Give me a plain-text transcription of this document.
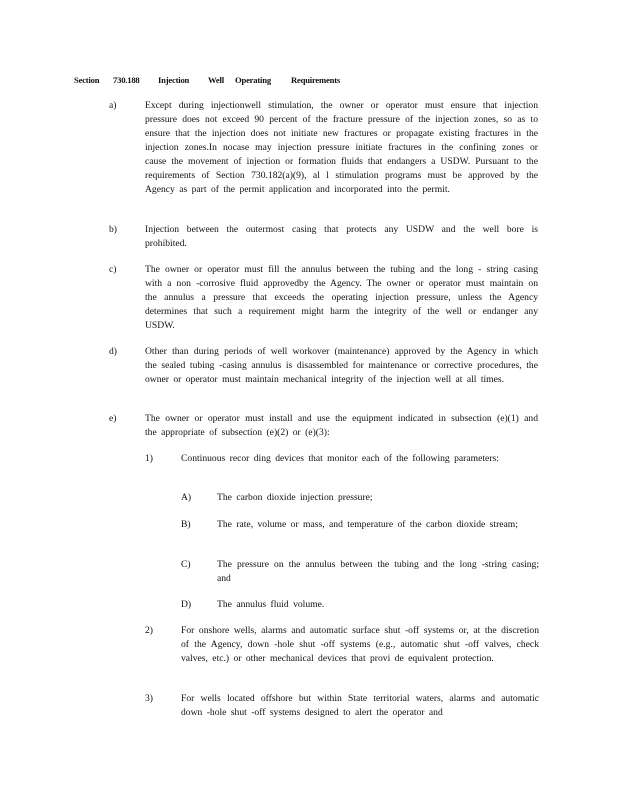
Section 730.188 Injection Well Operating Requirements
a)	Except during injectionwell stimulation, the owner or operator must ensure that injection pressure does not exceed 90 percent of the fracture pressure of the injection zones, so as to ensure that the injection does not initiate new fractures or propagate existing fractures in the injection zones.In nocase may injection pressure initiate fractures in the confining zones or cause the movement of injection or formation fluids that endangers a USDW. Pursuant to the requirements of Section 730.182(a)(9), al l stimulation programs must be approved by the Agency as part of the permit application and incorporated into the permit.
b)	Injection between the outermost casing that protects any USDW and the well bore is prohibited.
c)	The owner or operator must fill the annulus between the tubing and the long - string casing with a non -corrosive fluid approvedby the Agency. The owner or operator must maintain on the annulus a pressure that exceeds the operating injection pressure, unless the Agency determines that such a requirement might harm the integrity of the well or endanger any USDW.
d)	Other than during periods of well workover (maintenance) approved by the Agency in which the sealed tubing -casing annulus is disassembled for maintenance or corrective procedures, the owner or operator must maintain mechanical integrity of the injection well at all times.
e)	The owner or operator must install and use the equipment indicated in subsection (e)(1) and the appropriate of subsection (e)(2) or (e)(3):
1)	Continuous recor ding devices that monitor each of the following parameters:
A)	The carbon dioxide injection pressure;
B)	The rate, volume or mass, and temperature of the carbon dioxide stream;
C)	The pressure on the annulus between the tubing and the long -string casing; and
D)	The annulus fluid volume.
2)	For onshore wells, alarms and automatic surface shut -off systems or, at the discretion of the Agency, down -hole shut -off systems (e.g., automatic shut -off valves, check valves, etc.) or other mechanical devices that provi de equivalent protection.
3)	For wells located offshore but within State territorial waters, alarms and automatic down -hole shut -off systems designed to alert the operator and
